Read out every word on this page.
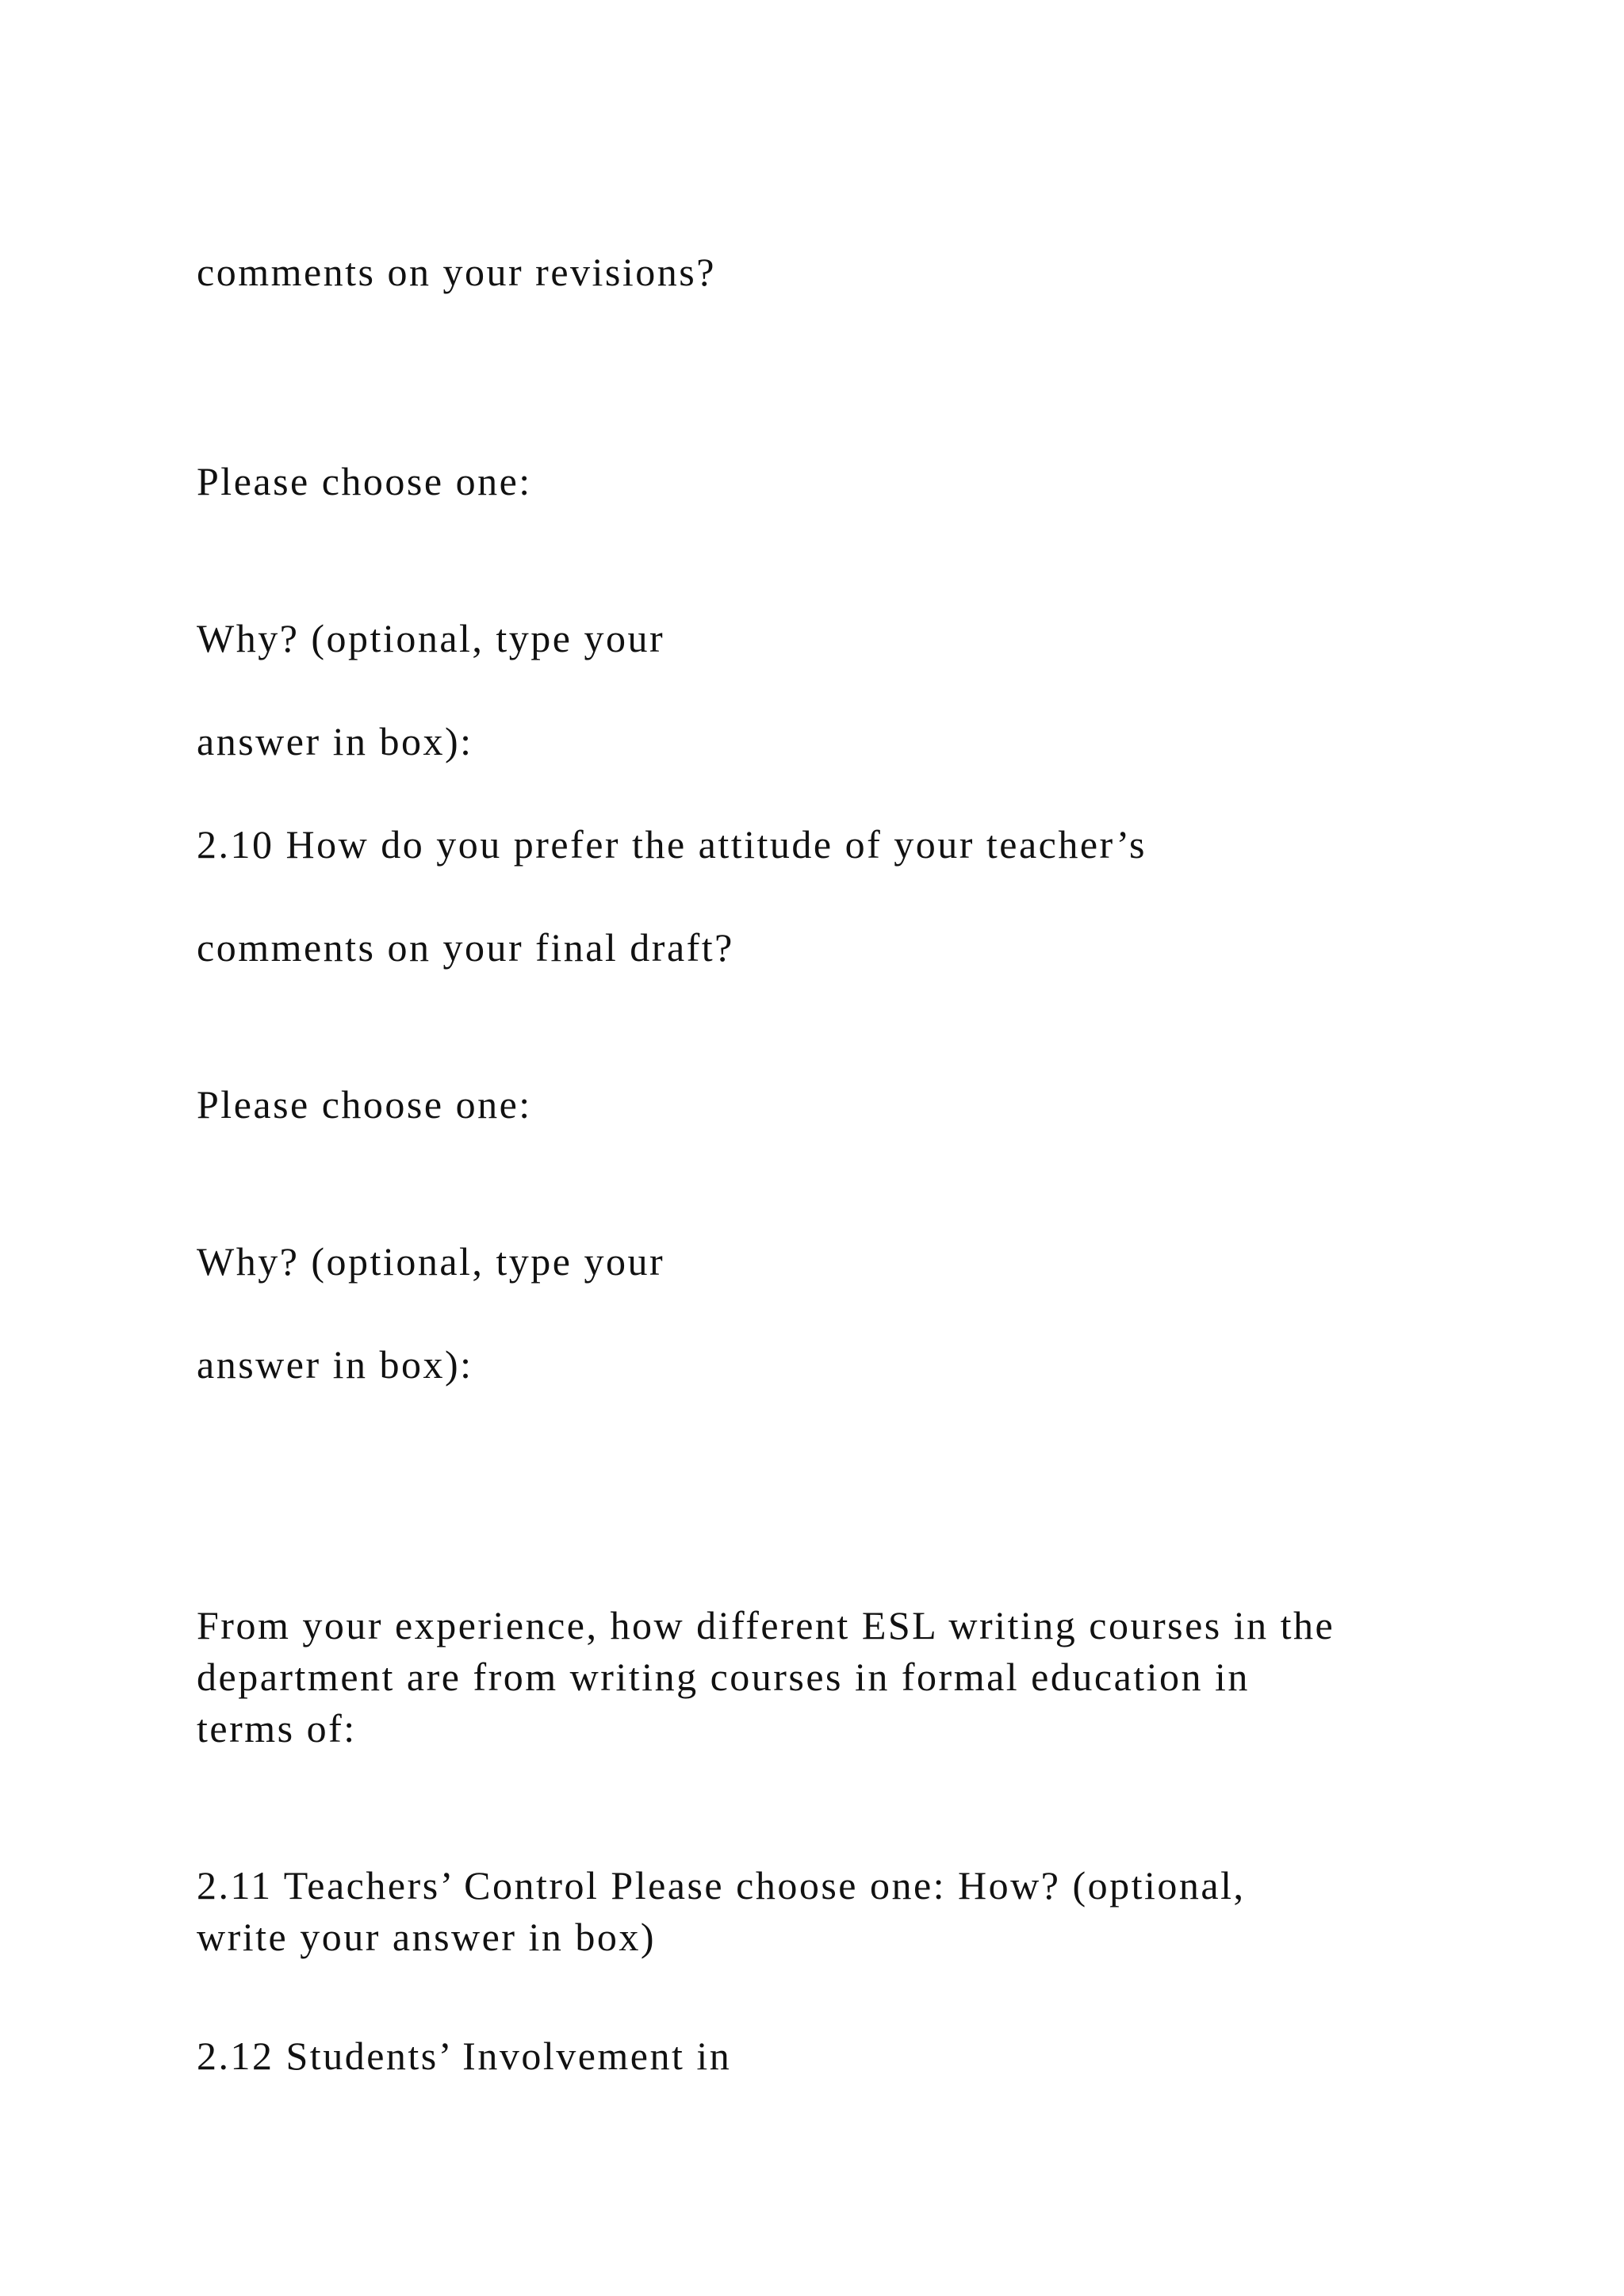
comments on your revisions?

Please choose one:

Why? (optional, type your

answer in box):

2.10 How do you prefer the attitude of your teacher’s

comments on your final draft?

Please choose one:

Why? (optional, type your

answer in box):

From your experience, how different ESL writing courses in the
department are from writing courses in formal education in
terms of:
2.11 Teachers’ Control Please choose one: How? (optional,
write your answer in box)

2.12 Students’ Involvement in
